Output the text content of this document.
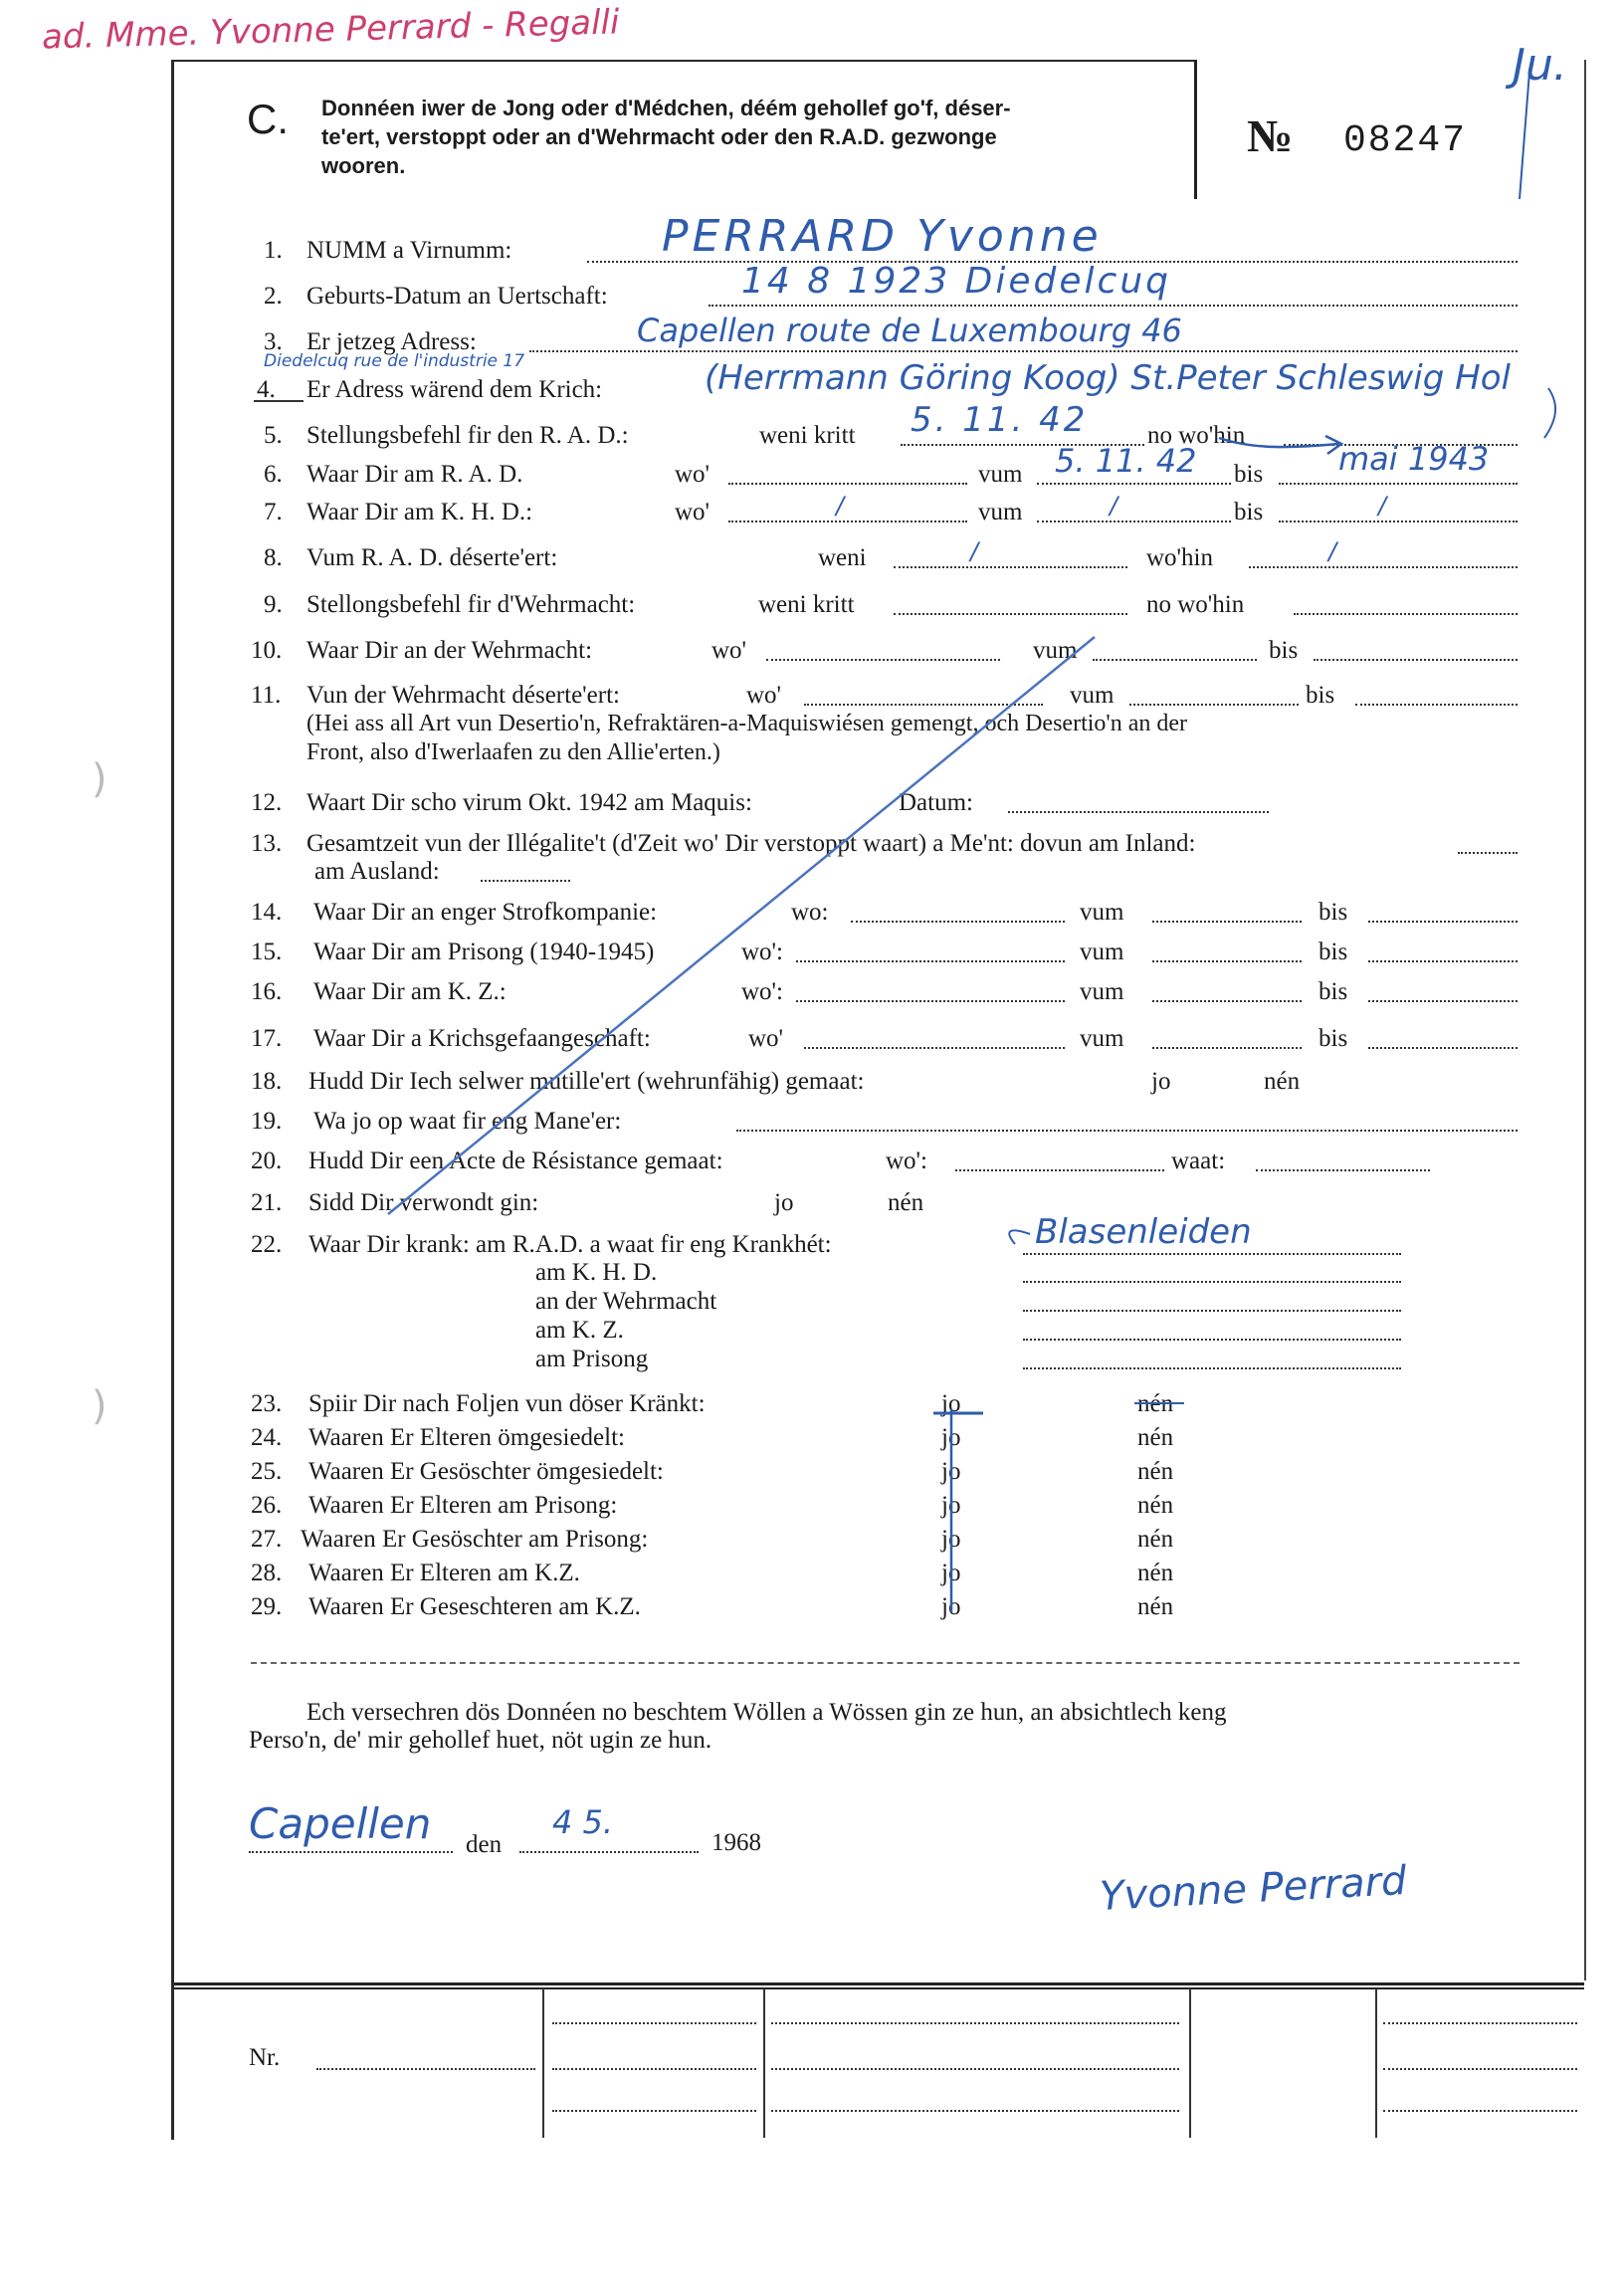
ad. Mme. Yvonne Perrard - Regalli
Ju.
C. Donnéen iwer de Jong oder d'Médchen, déém gehollef go'f, déser-
te'ert, verstoppt oder an d'Wehrmacht oder den R.A.D. gezwonge
wooren.
№ 08247
1. NUMM a Virnumm:	PERRARD Yvonne
2. Geburts-Datum an Uertschaft:	14 8 1923 Diedelcuq
3. Er jetzeg Adress:	Capellen route de Luxembourg 46
Diedelcuq rue de l'industrie 17
4. Er Adress wärend dem Krich:	(Herrmann Göring Koog) St.Peter Schleswig Hol
5. Stellungsbefehl fir den R. A. D.:	weni kritt 5. 11. 42 no wo'hin
6. Waar Dir am R. A. D.	wo'	vum 5. 11. 42 bis mai 1943
7. Waar Dir am K. H. D.:	wo'	/	vum	/	bis	/
8. Vum R. A. D. déserte'ert:	weni	/	wo'hin	/
9. Stellongsbefehl fir d'Wehrmacht:	weni kritt	no wo'hin
10. Waar Dir an der Wehrmacht:	wo'	vum	bis
11. Vun der Wehrmacht déserte'ert:	wo'	vum	bis
(Hei ass all Art vun Desertio'n, Refraktären-a-Maquiswiésen gemengt, och Desertio'n an der
Front, also d'Iwerlaafen zu den Allie'erten.)
12. Waart Dir scho virum Okt. 1942 am Maquis:	Datum:
13. Gesamtzeit vun der Illégalite't (d'Zeit wo' Dir verstoppt waart) a Me'nt: dovun am Inland:
am Ausland:
14. Waar Dir an enger Strofkompanie:	wo:	vum	bis
15. Waar Dir am Prisong (1940-1945)	wo':	vum	bis
16. Waar Dir am K. Z.:	wo':	vum	bis
17. Waar Dir a Krichsgefaangeschaft:	wo'	vum	bis
18. Hudd Dir Iech selwer mutille'ert (wehrunfähig) gemaat:	jo	nén
19. Wa jo op waat fir eng Mane'er:
20. Hudd Dir een Acte de Résistance gemaat:	wo':	waat:
21. Sidd Dir verwondt gin:	jo	nén
22. Waar Dir krank: am R.A.D. a waat fir eng Krankhét:	Blasenleiden
am K. H. D.
an der Wehrmacht
am K. Z.
am Prisong
23. Spiir Dir nach Foljen vun döser Kränkt:	jo	nén
24. Waaren Er Elteren ömgesiedelt:	jo	nén
25. Waaren Er Gesöschter ömgesiedelt:	jo	nén
26. Waaren Er Elteren am Prisong:	jo	nén
27. Waaren Er Gesöschter am Prisong:	jo	nén
28. Waaren Er Elteren am K.Z.	jo	nén
29. Waaren Er Geseschteren am K.Z.	jo	nén
Ech versechren dös Donnéen no beschtem Wöllen a Wössen gin ze hun, an absichtlech keng
Perso'n, de' mir gehollef huet, nöt ugin ze hun.
Capellen den
4 5.
1968
Yvonne Perrard
Nr.
)
)
